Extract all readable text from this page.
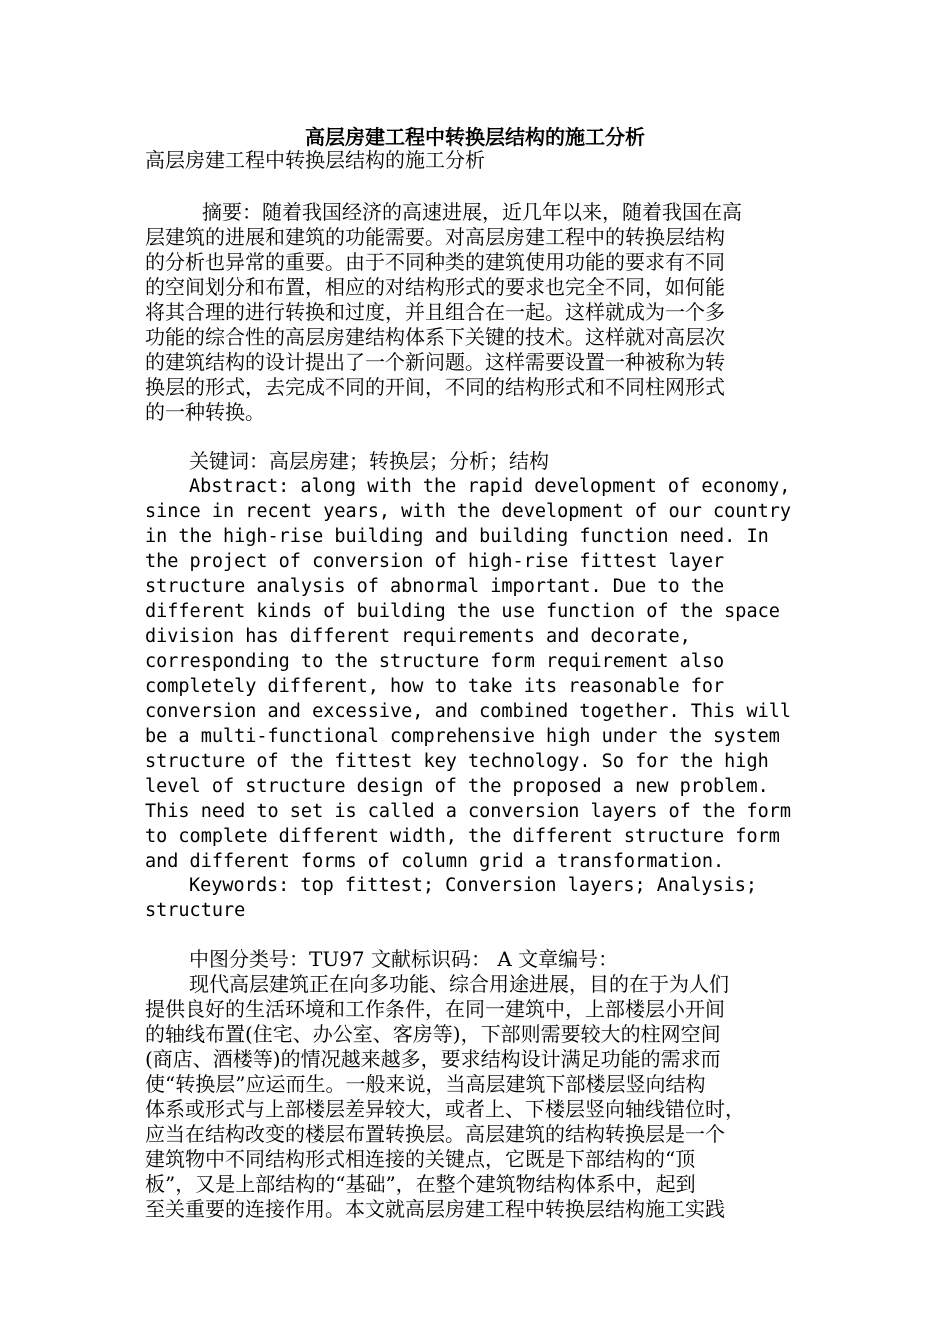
高层房建工程中转换层结构的施工分析
高层房建工程中转换层结构的施工分析
摘要：随着我国经济的高速进展，近几年以来，随着我国在高
层建筑的进展和建筑的功能需要。对高层房建工程中的转换层结构
的分析也异常的重要。由于不同种类的建筑使用功能的要求有不同
的空间划分和布置，相应的对结构形式的要求也完全不同，如何能
将其合理的进行转换和过度，并且组合在一起。这样就成为一个多
功能的综合性的高层房建结构体系下关键的技术。这样就对高层次
的建筑结构的设计提出了一个新问题。这样需要设置一种被称为转
换层的形式，去完成不同的开间，不同的结构形式和不同柱网形式
的一种转换。
关键词：高层房建；转换层；分析；结构
Abstract: along with the rapid development of economy,
since in recent years, with the development of our country
in the high-rise building and building function need. In
the project of conversion of high-rise fittest layer
structure analysis of abnormal important. Due to the
different kinds of building the use function of the space
division has different requirements and decorate,
corresponding to the structure form requirement also
completely different, how to take its reasonable for
conversion and excessive, and combined together. This will
be a multi-functional comprehensive high under the system
structure of the fittest key technology. So for the high
level of structure design of the proposed a new problem.
This need to set is called a conversion layers of the form
to complete different width, the different structure form
and different forms of column grid a transformation.
Keywords: top fittest; Conversion layers; Analysis;
structure
中图分类号：TU97 文献标识码： A 文章编号：
现代高层建筑正在向多功能、综合用途进展，目的在于为人们
提供良好的生活环境和工作条件，在同一建筑中，上部楼层小开间
的轴线布置(住宅、办公室、客房等)，下部则需要较大的柱网空间
(商店、酒楼等)的情况越来越多，要求结构设计满足功能的需求而
使“转换层”应运而生。一般来说，当高层建筑下部楼层竖向结构
体系或形式与上部楼层差异较大，或者上、下楼层竖向轴线错位时，
应当在结构改变的楼层布置转换层。高层建筑的结构转换层是一个
建筑物中不同结构形式相连接的关键点，它既是下部结构的“顶
板”，又是上部结构的“基础”，在整个建筑物结构体系中，起到
至关重要的连接作用。本文就高层房建工程中转换层结构施工实践
